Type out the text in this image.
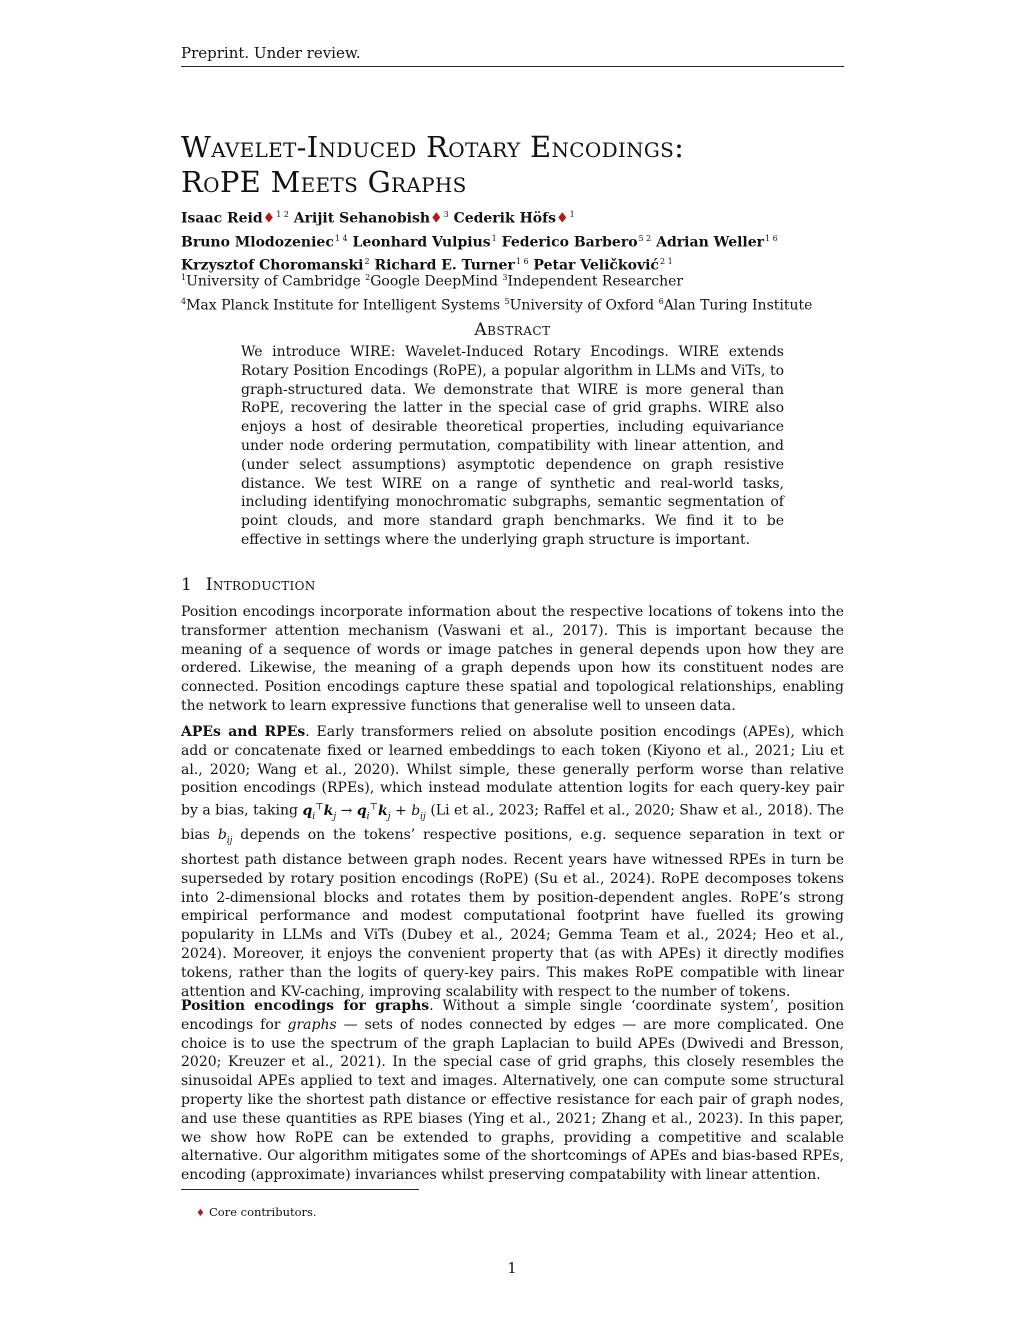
Preprint. Under review.
Wavelet-Induced Rotary Encodings:
RoPE Meets Graphs
Isaac Reid♦$^{1 2}$ Arijit Sehanobish♦$^3$ Cederik Höfs♦$^1$
Bruno Mlodozeniec$^{1 4}$ Leonhard Vulpius$^1$ Federico Barbero$^{5 2}$ Adrian Weller$^{1 6}$
Krzysztof Choromanski$^2$ Richard E. Turner$^{1 6}$ Petar Veličković$^{2 1}$
$^1$University of Cambridge $^2$Google DeepMind $^3$Independent Researcher
$^4$Max Planck Institute for Intelligent Systems $^5$University of Oxford $^6$Alan Turing Institute
Abstract
We introduce WIRE: Wavelet-Induced Rotary Encodings. WIRE extends Rotary Position Encodings (RoPE), a popular algorithm in LLMs and ViTs, to graph-structured data. We demonstrate that WIRE is more general than RoPE, recovering the latter in the special case of grid graphs. WIRE also enjoys a host of desirable theoretical properties, including equivariance under node ordering permutation, compatibility with linear attention, and (under select assumptions) asymptotic dependence on graph resistive distance. We test WIRE on a range of synthetic and real-world tasks, including identifying monochromatic subgraphs, semantic segmentation of point clouds, and more standard graph benchmarks. We find it to be effective in settings where the underlying graph structure is important.
1 Introduction

Position encodings incorporate information about the respective locations of tokens into the transformer attention mechanism (Vaswani et al., 2017). This is important because the meaning of a sequence of words or image patches in general depends upon how they are ordered. Likewise, the meaning of a graph depends upon how its constituent nodes are connected. Position encodings capture these spatial and topological relationships, enabling the network to learn expressive functions that generalise well to unseen data.

APEs and RPEs. Early transformers relied on absolute position encodings (APEs), which add or concatenate fixed or learned embeddings to each token (Kiyono et al., 2021; Liu et al., 2020; Wang et al., 2020). Whilst simple, these generally perform worse than relative position encodings (RPEs), which instead modulate attention logits for each query-key pair by a bias, taking $q_i^⊤k_j \to q_i^⊤k_j + b_{ij}$ (Li et al., 2023; Raffel et al., 2020; Shaw et al., 2018). The bias $b_{ij}$ depends on the tokens’ respective positions, e.g. sequence separation in text or shortest path distance between graph nodes. Recent years have witnessed RPEs in turn be superseded by rotary position encodings (RoPE) (Su et al., 2024). RoPE decomposes tokens into 2-dimensional blocks and rotates them by position-dependent angles. RoPE’s strong empirical performance and modest computational footprint have fuelled its growing popularity in LLMs and ViTs (Dubey et al., 2024; Gemma Team et al., 2024; Heo et al., 2024). Moreover, it enjoys the convenient property that (as with APEs) it directly modifies tokens, rather than the logits of query-key pairs. This makes RoPE compatible with linear attention and KV-caching, improving scalability with respect to the number of tokens.

Position encodings for graphs. Without a simple single ‘coordinate system’, position encodings for graphs — sets of nodes connected by edges — are more complicated. One choice is to use the spectrum of the graph Laplacian to build APEs (Dwivedi and Bresson, 2020; Kreuzer et al., 2021). In the special case of grid graphs, this closely resembles the sinusoidal APEs applied to text and images. Alternatively, one can compute some structural property like the shortest path distance or effective resistance for each pair of graph nodes, and use these quantities as RPE biases (Ying et al., 2021; Zhang et al., 2023). In this paper, we show how RoPE can be extended to graphs, providing a competitive and scalable alternative. Our algorithm mitigates some of the shortcomings of APEs and bias-based RPEs, encoding (approximate) invariances whilst preserving compatability with linear attention.

♦ Core contributors.
1
